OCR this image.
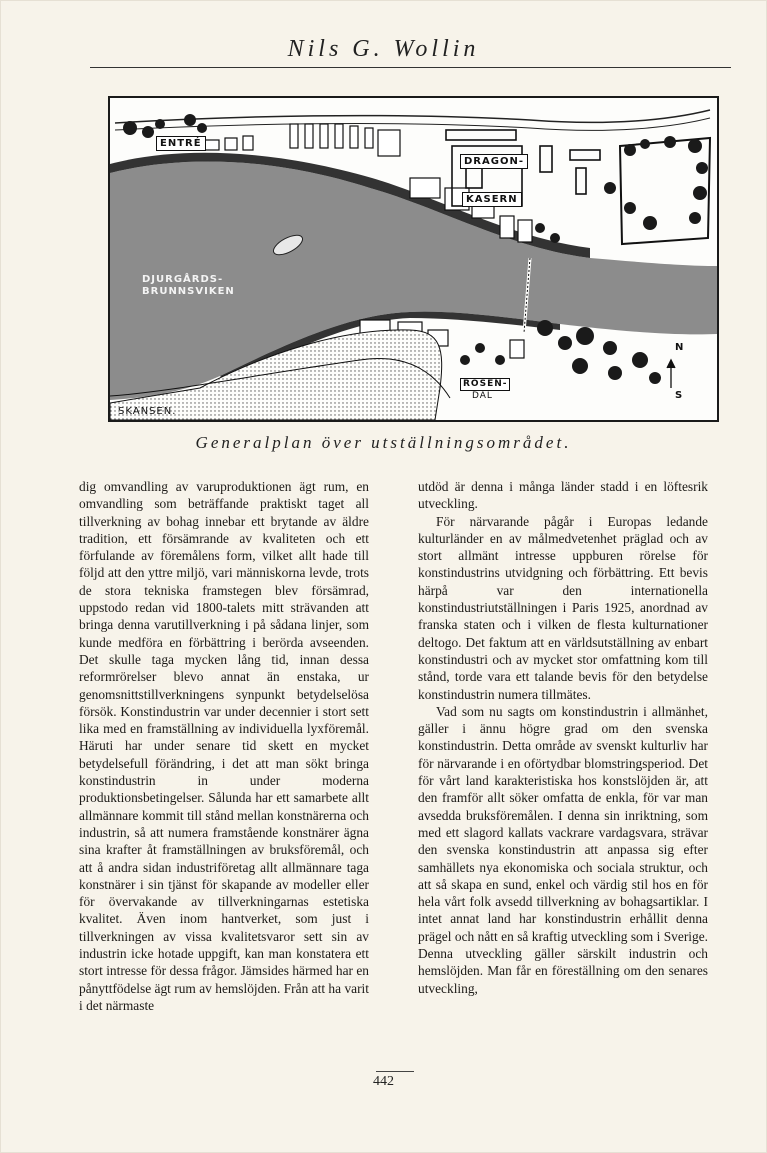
Nils G. Wollin
ENTRÉ
DRAGON-
KASERN
DJURGÅRDS-
BRUNNSVIKEN
SKANSEN.
ROSEN-
DAL
N
S
Generalplan över utställningsområdet.

dig omvandling av varuproduktionen ägt rum, en omvandling som beträffande praktiskt taget all tillverkning av bohag innebar ett brytande av äldre tradition, ett försämrande av kvaliteten och ett förfulande av föremålens form, vilket allt hade till följd att den yttre miljö, vari människorna levde, trots de stora tekniska framstegen blev försämrad, uppstodo redan vid 1800-talets mitt strävanden att bringa denna varutillverkning i på sådana linjer, som kunde medföra en förbättring i berörda avseenden. Det skulle taga mycken lång tid, innan dessa reformrörelser blevo annat än enstaka, ur genomsnittstillverkningens synpunkt betydelselösa försök. Konstindustrin var under decennier i stort sett lika med en framställning av individuella lyxföremål. Häruti har under senare tid skett en mycket betydelsefull förändring, i det att man sökt bringa konstindustrin in under moderna produktionsbetingelser. Sålunda har ett samarbete allt allmännare kommit till stånd mellan konstnärerna och industrin, så att numera framstående konstnärer ägna sina krafter åt framställningen av bruksföremål, och att å andra sidan industriföretag allt allmännare taga konstnärer i sin tjänst för skapande av modeller eller för övervakande av tillverkningarnas estetiska kvalitet. Även inom hantverket, som just i tillverkningen av vissa kvalitetsvaror sett sin av industrin icke hotade uppgift, kan man konstatera ett stort intresse för dessa frågor. Jämsides härmed har en pånyttfödelse ägt rum av hemslöjden. Från att ha varit i det närmaste

utdöd är denna i många länder stadd i en löftesrik utveckling.

För närvarande pågår i Europas ledande kulturländer en av målmedvetenhet präglad och av stort allmänt intresse uppburen rörelse för konstindustrins utvidgning och förbättring. Ett bevis härpå var den internationella konstindustriutställningen i Paris 1925, anordnad av franska staten och i vilken de flesta kulturnationer deltogo. Det faktum att en världsutställning av enbart konstindustri och av mycket stor omfattning kom till stånd, torde vara ett talande bevis för den betydelse konstindustrin numera tillmätes.

Vad som nu sagts om konstindustrin i allmänhet, gäller i ännu högre grad om den svenska konstindustrin. Detta område av svenskt kulturliv har för närvarande i en oförtydbar blomstringsperiod. Det för vårt land karakteristiska hos konstslöjden är, att den framför allt söker omfatta de enkla, för var man avsedda bruksföremålen. I denna sin inriktning, som med ett slagord kallats vackrare vardagsvara, strävar den svenska konstindustrin att anpassa sig efter samhällets nya ekonomiska och sociala struktur, och att så skapa en sund, enkel och värdig stil hos en för hela vårt folk avsedd tillverkning av bohagsartiklar. I intet annat land har konstindustrin erhållit denna prägel och nått en så kraftig utveckling som i Sverige. Denna utveckling gäller särskilt industrin och hemslöjden. Man får en föreställning om den senares utveckling,

442
